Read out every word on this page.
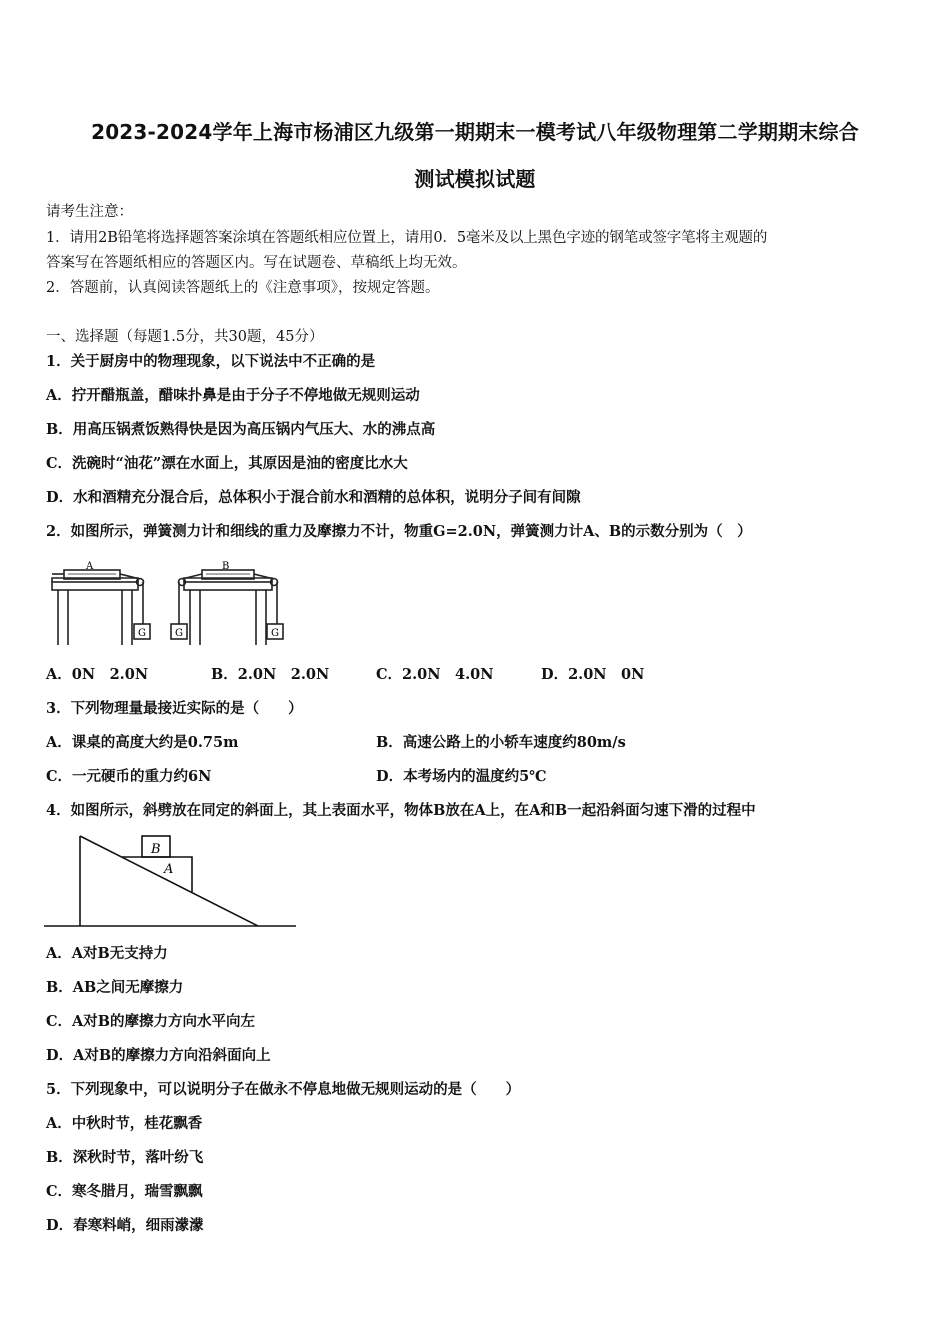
2023-2024学年上海市杨浦区九级第一期期末一模考试八年级物理第二学期期末综合
测试模拟试题
请考生注意：
1．请用2B铅笔将选择题答案涂填在答题纸相应位置上，请用0．5毫米及以上黑色字迹的钢笔或签字笔将主观题的
答案写在答题纸相应的答题区内。写在试题卷、草稿纸上均无效。
2．答题前，认真阅读答题纸上的《注意事项》，按规定答题。
一、选择题（每题1.5分，共30题，45分）
1．关于厨房中的物理现象，以下说法中不正确的是
A．拧开醋瓶盖，醋味扑鼻是由于分子不停地做无规则运动
B．用高压锅煮饭熟得快是因为高压锅内气压大、水的沸点高
C．洗碗时“油花”漂在水面上，其原因是油的密度比水大
D．水和酒精充分混合后，总体积小于混合前水和酒精的总体积，说明分子间有间隙
2．如图所示，弹簧测力计和细线的重力及摩擦力不计，物重G=2.0N，弹簧测力计A、B的示数分别为（　）
A	B
G	G	G
A．0N　2.0N	B．2.0N　2.0N	C．2.0N　4.0N	D．2.0N　0N
3．下列物理量最接近实际的是（　　）
A．课桌的高度大约是0.75m	B．高速公路上的小轿车速度约80m/s
C．一元硬币的重力约6N	D．本考场内的温度约5℃
4．如图所示，斜劈放在同定的斜面上，其上表面水平，物体B放在A上，在A和B一起沿斜面匀速下滑的过程中
B
A
A．A对B无支持力
B．AB之间无摩擦力
C．A对B的摩擦力方向水平向左
D．A对B的摩擦力方向沿斜面向上
5．下列现象中，可以说明分子在做永不停息地做无规则运动的是（　　）
A．中秋时节，桂花飘香
B．深秋时节，落叶纷飞
C．寒冬腊月，瑞雪飘飘
D．春寒料峭，细雨濛濛
